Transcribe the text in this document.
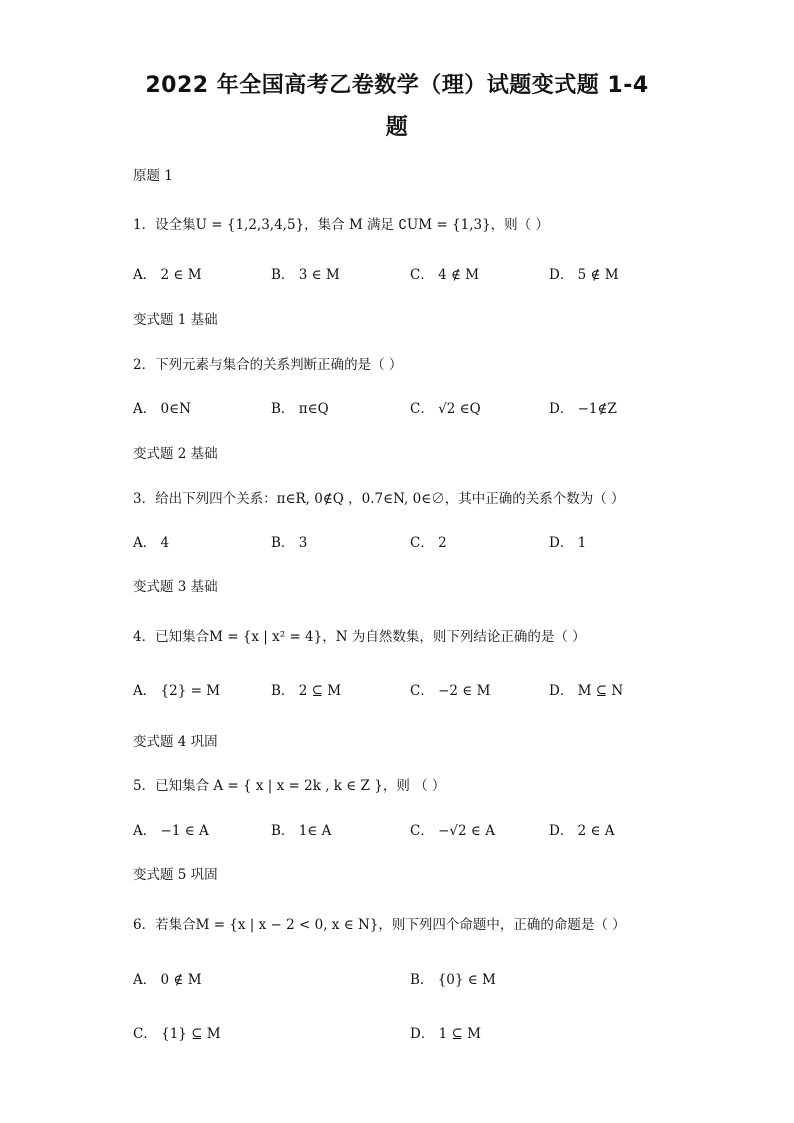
2022 年全国高考乙卷数学（理）试题变式题 1-4
题
原题 1
1．设全集U = {1,2,3,4,5}，集合 M 满足 ∁UM = {1,3}，则（ ）
A． 2 ∈ M	B． 3 ∈ M	C． 4 ∉ M	D． 5 ∉ M
变式题 1 基础
2．下列元素与集合的关系判断正确的是（ ）
A． 0∈N	B． π∈Q	C． √2 ∈Q	D． −1∉Z
变式题 2 基础
3．给出下列四个关系：π∈R, 0∉Q ，0.7∈N, 0∈∅，其中正确的关系个数为（ ）
A． 4	B． 3	C． 2	D． 1
变式题 3 基础
4．已知集合M = {x | x² = 4}，N 为自然数集，则下列结论正确的是（ ）
A． {2} = M	B． 2 ⊆ M	C． −2 ∈ M	D． M ⊆ N
变式题 4 巩固
5．已知集合 A = { x | x = 2k , k ∈ Z }，则 （ ）
A． −1 ∈ A	B． 1∈ A	C． −√2 ∈ A	D． 2 ∈ A
变式题 5 巩固
6．若集合M = {x | x − 2 < 0, x ∈ N}，则下列四个命题中，正确的命题是（ ）
A． 0 ∉ M	B． {0} ∈ M
C． {1} ⊆ M	D． 1 ⊆ M
